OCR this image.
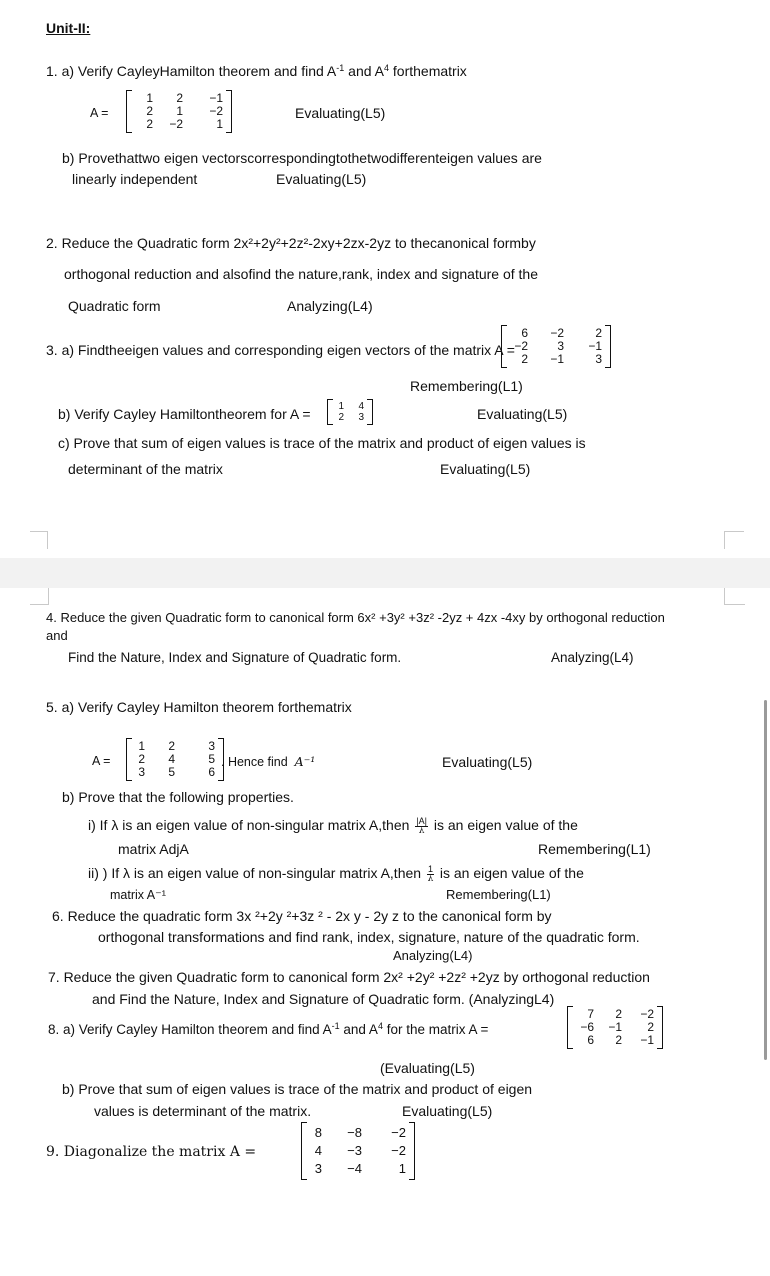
Unit-II:
1. a) Verify CayleyHamilton theorem and find $A^{-1}$ and $A^4$ forthematrix
A =
1	2	−1
2	1	−2
2	−2	1
Evaluating(L5)
b) Provethattwo eigen vectorscorrespondingtothetwodifferenteigen values are
linearly independent	Evaluating(L5)
2. Reduce the Quadratic form 2x²+2y²+2z²-2xy+2zx-2yz to thecanonical formby
orthogonal reduction and alsofind the nature,rank, index and signature of the
Quadratic form	Analyzing(L4)
3. a) Findtheeigen values and corresponding eigen vectors of the matrix A =
6	−2	2
−2	3	−1
2	−1	3
Remembering(L1)
b) Verify Cayley Hamiltontheorem for A =	1	4
2	3	Evaluating(L5)
c) Prove that sum of eigen values is trace of the matrix and product of eigen values is
determinant of the matrix	Evaluating(L5)
4. Reduce the given Quadratic form to canonical form 6x² +3y² +3z² -2yz + 4zx -4xy by orthogonal reduction
and
Find the Nature, Index and Signature of Quadratic form.	Analyzing(L4)
5. a) Verify Cayley Hamilton theorem forthematrix
A =
1	2	3
2	4	5
3	5	6
. Hence find A⁻¹	Evaluating(L5)
b) Prove that the following properties.
i) If λ is an eigen value of non-singular matrix A,then $\frac{|A|}{\lambda}$ is an eigen value of the
matrix AdjA	Remembering(L1)
ii) ) If λ is an eigen value of non-singular matrix A,then $\frac{1}{\lambda}$ is an eigen value of the
matrix A⁻¹	Remembering(L1)
6. Reduce the quadratic form 3x ²+2y ²+3z ² - 2x y - 2y z to the canonical form by
orthogonal transformations and find rank, index, signature, nature of the quadratic form.
Analyzing(L4)
7. Reduce the given Quadratic form to canonical form 2x² +2y² +2z² +2yz by orthogonal reduction
and Find the Nature, Index and Signature of Quadratic form. (AnalyzingL4)
8. a) Verify Cayley Hamilton theorem and find $A^{-1}$ and $A^4$ for the matrix A =
7	2	−2
−6	−1	2
6	2	−1
(Evaluating(L5)
b) Prove that sum of eigen values is trace of the matrix and product of eigen
values is determinant of the matrix.	Evaluating(L5)
9. Diagonalize the matrix A =
8	−8	−2
4	−3	−2
3	−4	1
